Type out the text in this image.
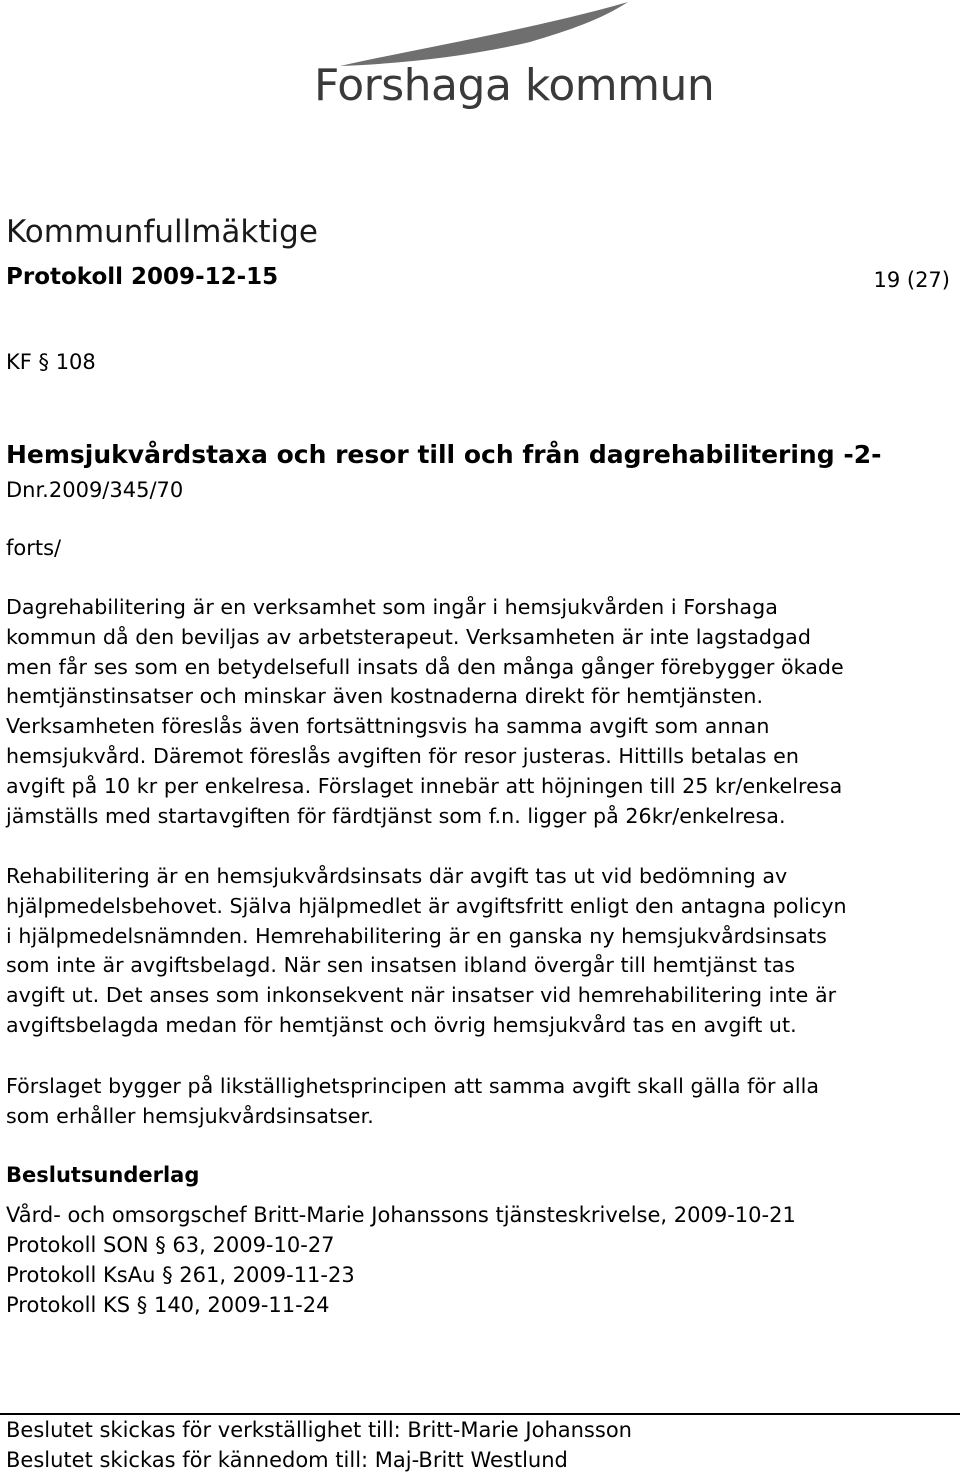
Forshaga kommun
Kommunfullmäktige
Protokoll 2009-12-15	19 (27)
KF § 108
Hemsjukvårdstaxa och resor till och från dagrehabilitering -2-
Dnr.2009/345/70
forts/
Dagrehabilitering är en verksamhet som ingår i hemsjukvården i Forshaga
kommun då den beviljas av arbetsterapeut. Verksamheten är inte lagstadgad
men får ses som en betydelsefull insats då den många gånger förebygger ökade
hemtjänstinsatser och minskar även kostnaderna direkt för hemtjänsten.
Verksamheten föreslås även fortsättningsvis ha samma avgift som annan
hemsjukvård. Däremot föreslås avgiften för resor justeras. Hittills betalas en
avgift på 10 kr per enkelresa. Förslaget innebär att höjningen till 25 kr/enkelresa
jämställs med startavgiften för färdtjänst som f.n. ligger på 26kr/enkelresa.
Rehabilitering är en hemsjukvårdsinsats där avgift tas ut vid bedömning av
hjälpmedelsbehovet. Själva hjälpmedlet är avgiftsfritt enligt den antagna policyn
i hjälpmedelsnämnden. Hemrehabilitering är en ganska ny hemsjukvårdsinsats
som inte är avgiftsbelagd. När sen insatsen ibland övergår till hemtjänst tas
avgift ut. Det anses som inkonsekvent när insatser vid hemrehabilitering inte är
avgiftsbelagda medan för hemtjänst och övrig hemsjukvård tas en avgift ut.
Förslaget bygger på likställighetsprincipen att samma avgift skall gälla för alla
som erhåller hemsjukvårdsinsatser.
Beslutsunderlag
Vård- och omsorgschef Britt-Marie Johanssons tjänsteskrivelse, 2009-10-21
Protokoll SON § 63, 2009-10-27
Protokoll KsAu § 261, 2009-11-23
Protokoll KS § 140, 2009-11-24
Beslutet skickas för verkställighet till: Britt-Marie Johansson
Beslutet skickas för kännedom till: Maj-Britt Westlund
